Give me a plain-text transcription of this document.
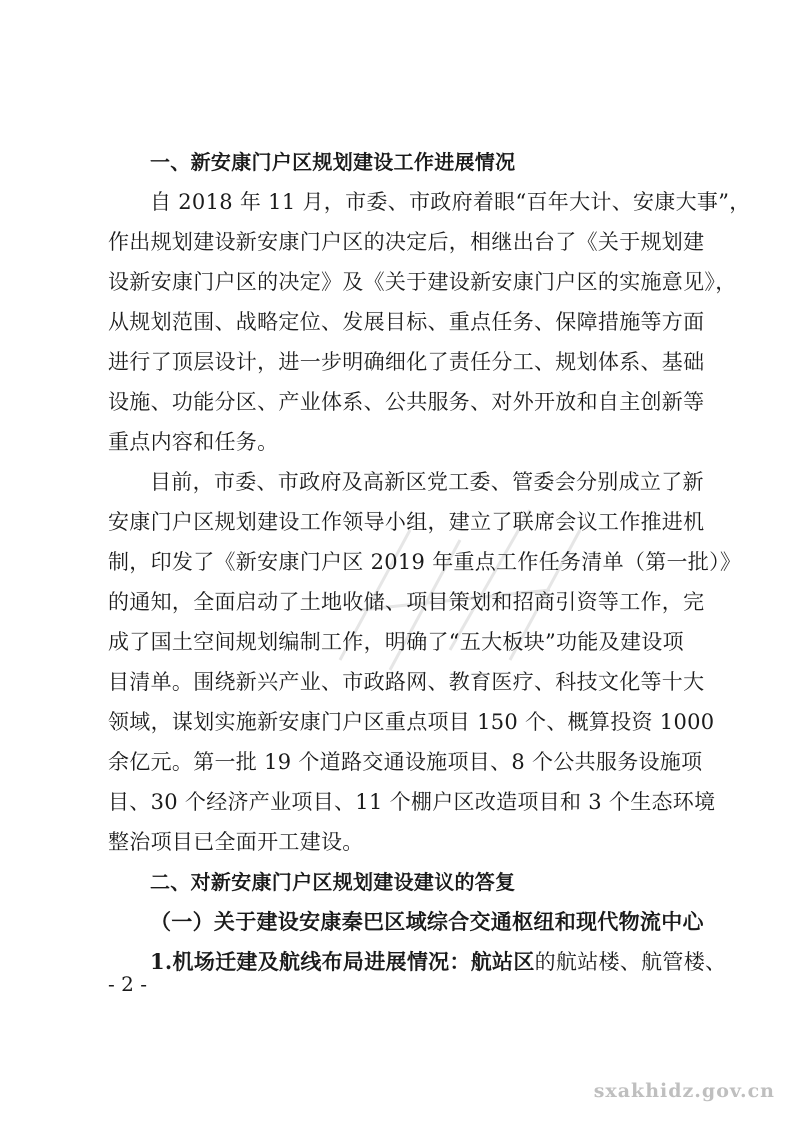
一、新安康门户区规划建设工作进展情况
自 2018 年 11 月，市委、市政府着眼“百年大计、安康大事”，
作出规划建设新安康门户区的决定后，相继出台了《关于规划建
设新安康门户区的决定》及《关于建设新安康门户区的实施意见》，
从规划范围、战略定位、发展目标、重点任务、保障措施等方面
进行了顶层设计，进一步明确细化了责任分工、规划体系、基础
设施、功能分区、产业体系、公共服务、对外开放和自主创新等
重点内容和任务。
目前，市委、市政府及高新区党工委、管委会分别成立了新
安康门户区规划建设工作领导小组，建立了联席会议工作推进机
制，印发了《新安康门户区 2019 年重点工作任务清单（第一批）》
的通知，全面启动了土地收储、项目策划和招商引资等工作，完
成了国土空间规划编制工作，明确了“五大板块”功能及建设项
目清单。围绕新兴产业、市政路网、教育医疗、科技文化等十大
领域，谋划实施新安康门户区重点项目 150 个、概算投资 1000
余亿元。第一批 19 个道路交通设施项目、8 个公共服务设施项
目、30 个经济产业项目、11 个棚户区改造项目和 3 个生态环境
整治项目已全面开工建设。
二、对新安康门户区规划建设建议的答复
（一）关于建设安康秦巴区域综合交通枢纽和现代物流中心
1.机场迁建及航线布局进展情况：航站区的航站楼、航管楼、
- 2 -
sxakhidz.gov.cn
